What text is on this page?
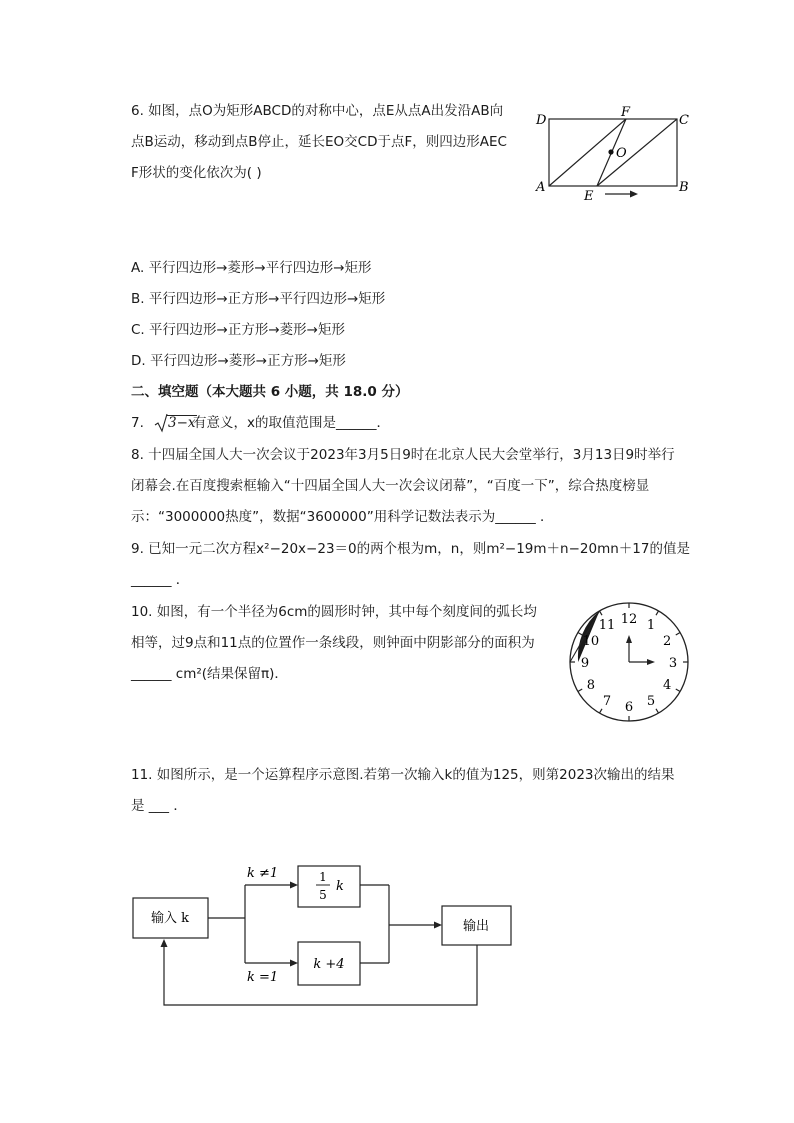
6. 如图，点O为矩形ABCD的对称中心，点E从点A出发沿AB向
点B运动，移动到点B停止，延长EO交CD于点F，则四边形AEC
F形状的变化依次为( )
D
F
C
O
A
E
B
A. 平行四边形→菱形→平行四边形→矩形
B. 平行四边形→正方形→平行四边形→矩形
C. 平行四边形→正方形→菱形→矩形
D. 平行四边形→菱形→正方形→矩形
二、填空题（本大题共 6 小题，共 18.0 分）
7. 3−x
有意义，x的取值范围是______．
8. 十四届全国人大一次会议于2023年3月5日9时在北京人民大会堂举行，3月13日9时举行
闭幕会.在百度搜索框输入“十四届全国人大一次会议闭幕”，“百度一下”，综合热度榜显
示：“3000000热度”，数据“3600000”用科学记数法表示为______ ．
9. 已知一元二次方程x²−20x−23＝0的两个根为m，n，则m²−19m＋n−20mn＋17的值是
______ ．
10. 如图，有一个半径为6cm的圆形时钟，其中每个刻度间的弧长均
相等，过9点和11点的位置作一条线段，则钟面中阴影部分的面积为
______ cm²(结果保留π)．
12 1
2
3
4
5
6
7
8
9
10
11
11. 如图所示，是一个运算程序示意图.若第一次输入k的值为125，则第2023次输出的结果
是 ___ ．
输入 k
k ≠1
k =1
1
5
k
k +4
输出
